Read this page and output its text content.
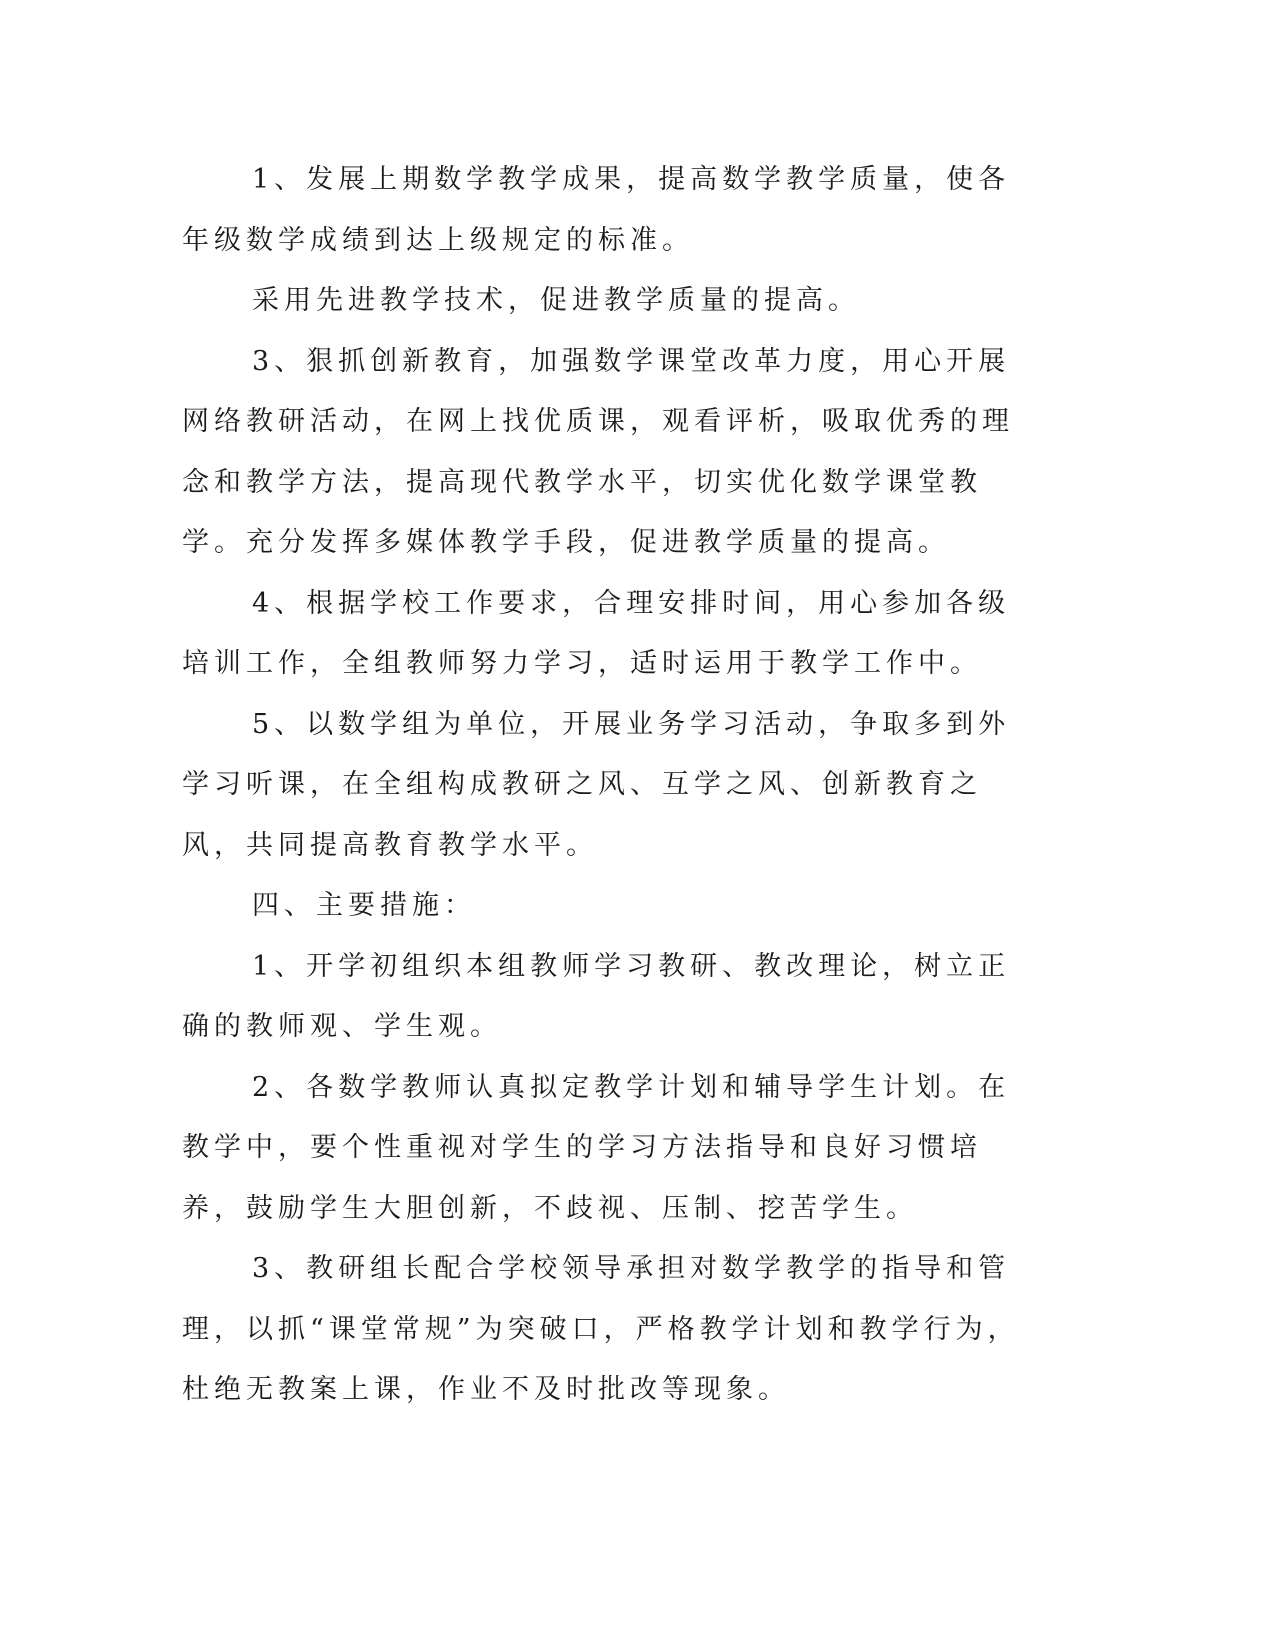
1、发展上期数学教学成果，提高数学教学质量，使各年级数学成绩到达上级规定的标准。

采用先进教学技术，促进教学质量的提高。

3、狠抓创新教育，加强数学课堂改革力度，用心开展网络教研活动，在网上找优质课，观看评析，吸取优秀的理念和教学方法，提高现代教学水平，切实优化数学课堂教学。充分发挥多媒体教学手段，促进教学质量的提高。

4、根据学校工作要求，合理安排时间，用心参加各级培训工作，全组教师努力学习，适时运用于教学工作中。

5、以数学组为单位，开展业务学习活动，争取多到外学习听课，在全组构成教研之风、互学之风、创新教育之风，共同提高教育教学水平。

四、主要措施：

1、开学初组织本组教师学习教研、教改理论，树立正确的教师观、学生观。

2、各数学教师认真拟定教学计划和辅导学生计划。在教学中，要个性重视对学生的学习方法指导和良好习惯培养，鼓励学生大胆创新，不歧视、压制、挖苦学生。

3、教研组长配合学校领导承担对数学教学的指导和管理，以抓“课堂常规”为突破口，严格教学计划和教学行为，杜绝无教案上课，作业不及时批改等现象。
